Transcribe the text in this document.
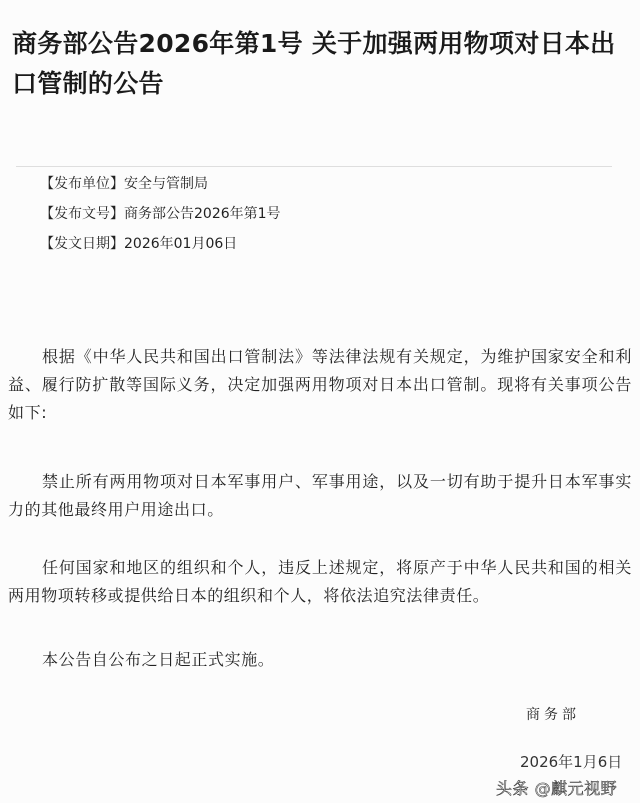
商务部公告2026年第1号 关于加强两用物项对日本出口管制的公告
【发布单位】安全与管制局
【发布文号】商务部公告2026年第1号
【发文日期】2026年01月06日

根据《中华人民共和国出口管制法》等法律法规有关规定，为维护国家安全和利益、履行防扩散等国际义务，决定加强两用物项对日本出口管制。现将有关事项公告如下:

禁止所有两用物项对日本军事用户、军事用途，以及一切有助于提升日本军事实力的其他最终用户用途出口。

任何国家和地区的组织和个人，违反上述规定，将原产于中华人民共和国的相关两用物项转移或提供给日本的组织和个人，将依法追究法律责任。

本公告自公布之日起正式实施。

商务部
2026年1月6日
头条 @麒元视野
